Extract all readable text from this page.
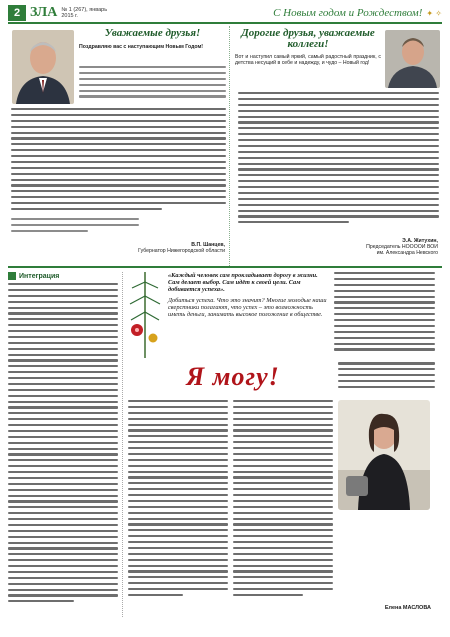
2 ЗЛА № 1 (267), январь 2015 г.	С Новым годом и Рождеством! ✦ ✧
Уважаемые друзья!
Поздравляю вас с наступающим Новым Годом!
В.П. Шанцев,
Губернатор Нижегородской области
Дорогие друзья, уважаемые коллеги!
Вот и наступил самый яркий, самый радостный праздник, с детства несущий в себе и надежду, и чудо – Новый год!
Э.А. Житухин,
Председатель НООООИ ВОИ
им. Александра Невского
Интеграция	«Каждый человек сам прокладывает дорогу в жизни. Сам делает выбор. Сам идёт к своей цели. Сам добивается успеха».
Добиться успеха. Что это значит? Многие молодые наши сверстники полагают, что успех – это возможность иметь деньги, занимать высокое положение в обществе.
Я могу!
Елена МАСЛОВА
